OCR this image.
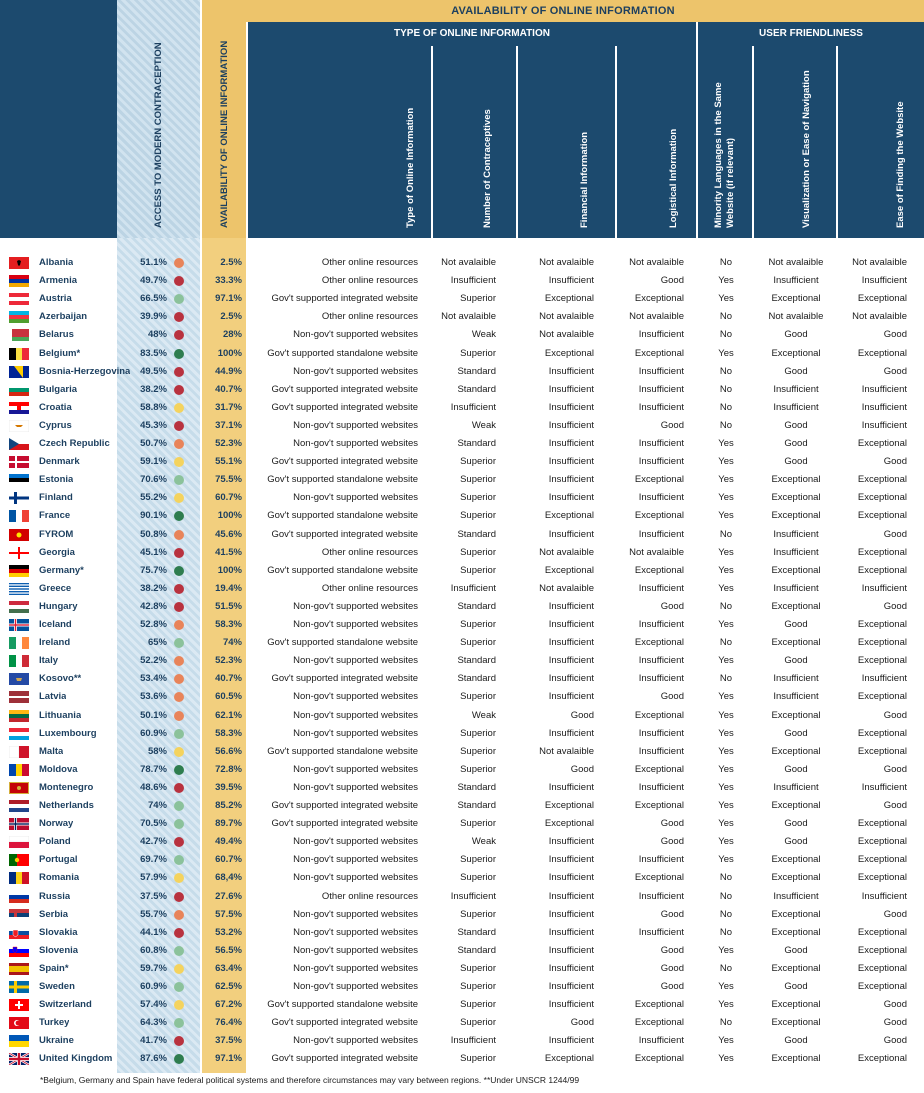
ACCESS TO MODERN CONTRACEPTION	AVAILABILITY OF ONLINE INFORMATION
AVAILABILITY OF ONLINE INFORMATION
TYPE OF ONLINE INFORMATION	USER FRIENDLINESS
Type of Online Information	Number of Contraceptives	Financial Information	Logistical Information	Minority Languages in the Same Website (if relevant)	Visualization or Ease of Navigation	Ease of Finding the Website
Albania	51.1%	2.5%	Other online resources	Not avalaible	Not avalaible	Not avalaible	No	Not avalaible	Not avalaible
Armenia	49.7%	33.3%	Other online resources	Insufficient	Insufficient	Good	Yes	Insufficient	Insufficient
Austria	66.5%	97.1%	Gov't supported integrated website	Superior	Exceptional	Exceptional	Yes	Exceptional	Exceptional
Azerbaijan	39.9%	2.5%	Other online resources	Not avalaible	Not avalaible	Not avalaible	No	Not avalaible	Not avalaible
Belarus	48%	28%	Non-gov't supported websites	Weak	Not avalaible	Insufficient	No	Good	Good
Belgium*	83.5%	100%	Gov't supported standalone website	Superior	Exceptional	Exceptional	Yes	Exceptional	Exceptional
Bosnia-Herzegovina	49.5%	44.9%	Non-gov't supported websites	Standard	Insufficient	Insufficient	No	Good	Good
Bulgaria	38.2%	40.7%	Gov't supported integrated website	Standard	Insufficient	Insufficient	No	Insufficient	Insufficient
Croatia	58.8%	31.7%	Gov't supported integrated website	Insufficient	Insufficient	Insufficient	No	Insufficient	Insufficient
Cyprus	45.3%	37.1%	Non-gov't supported websites	Weak	Insufficient	Good	No	Good	Insufficient
Czech Republic	50.7%	52.3%	Non-gov't supported websites	Standard	Insufficient	Insufficient	Yes	Good	Exceptional
Denmark	59.1%	55.1%	Gov't supported integrated website	Superior	Insufficient	Insufficient	Yes	Good	Good
Estonia	70.6%	75.5%	Gov't supported standalone website	Superior	Insufficient	Exceptional	Yes	Exceptional	Exceptional
Finland	55.2%	60.7%	Non-gov't supported websites	Superior	Insufficient	Insufficient	Yes	Exceptional	Exceptional
France	90.1%	100%	Gov't supported standalone website	Superior	Exceptional	Exceptional	Yes	Exceptional	Exceptional
FYROM	50.8%	45.6%	Gov't supported integrated website	Standard	Insufficient	Insufficient	No	Insufficient	Good
Georgia	45.1%	41.5%	Other online resources	Superior	Not avalaible	Not avalaible	Yes	Insufficient	Exceptional
Germany*	75.7%	100%	Gov't supported standalone website	Superior	Exceptional	Exceptional	Yes	Exceptional	Exceptional
Greece	38.2%	19.4%	Other online resources	Insufficient	Not avalaible	Insufficient	Yes	Insufficient	Insufficient
Hungary	42.8%	51.5%	Non-gov't supported websites	Standard	Insufficient	Good	No	Exceptional	Good
Iceland	52.8%	58.3%	Non-gov't supported websites	Superior	Insufficient	Insufficient	Yes	Good	Exceptional
Ireland	65%	74%	Gov't supported standalone website	Superior	Insufficient	Exceptional	No	Exceptional	Exceptional
Italy	52.2%	52.3%	Non-gov't supported websites	Standard	Insufficient	Insufficient	Yes	Good	Exceptional
Kosovo**	53.4%	40.7%	Gov't supported integrated website	Standard	Insufficient	Insufficient	No	Insufficient	Insufficient
Latvia	53.6%	60.5%	Non-gov't supported websites	Superior	Insufficient	Good	Yes	Insufficient	Exceptional
Lithuania	50.1%	62.1%	Non-gov't supported websites	Weak	Good	Exceptional	Yes	Exceptional	Good
Luxembourg	60.9%	58.3%	Non-gov't supported websites	Superior	Insufficient	Insufficient	Yes	Good	Exceptional
Malta	58%	56.6%	Gov't supported standalone website	Superior	Not avalaible	Insufficient	Yes	Exceptional	Exceptional
Moldova	78.7%	72.8%	Non-gov't supported websites	Superior	Good	Exceptional	Yes	Good	Good
Montenegro	48.6%	39.5%	Non-gov't supported websites	Standard	Insufficient	Insufficient	Yes	Insufficient	Insufficient
Netherlands	74%	85.2%	Gov't supported integrated website	Standard	Exceptional	Exceptional	Yes	Exceptional	Good
Norway	70.5%	89.7%	Gov't supported integrated website	Superior	Exceptional	Good	Yes	Good	Exceptional
Poland	42.7%	49.4%	Non-gov't supported websites	Weak	Insufficient	Good	Yes	Good	Exceptional
Portugal	69.7%	60.7%	Non-gov't supported websites	Superior	Insufficient	Insufficient	Yes	Exceptional	Exceptional
Romania	57.9%	68,4%	Non-gov't supported websites	Superior	Insufficient	Exceptional	No	Exceptional	Exceptional
Russia	37.5%	27.6%	Other online resources	Insufficient	Insufficient	Insufficient	No	Insufficient	Insufficient
Serbia	55.7%	57.5%	Non-gov't supported websites	Superior	Insufficient	Good	No	Exceptional	Good
Slovakia	44.1%	53.2%	Non-gov't supported websites	Standard	Insufficient	Insufficient	No	Exceptional	Exceptional
Slovenia	60.8%	56.5%	Non-gov't supported websites	Standard	Insufficient	Good	Yes	Good	Exceptional
Spain*	59.7%	63.4%	Non-gov't supported websites	Superior	Insufficient	Good	No	Exceptional	Exceptional
Sweden	60.9%	62.5%	Non-gov't supported websites	Superior	Insufficient	Good	Yes	Good	Exceptional
Switzerland	57.4%	67.2%	Gov't supported standalone website	Superior	Insufficient	Exceptional	Yes	Exceptional	Good
Turkey	64.3%	76.4%	Gov't supported integrated website	Superior	Good	Exceptional	No	Exceptional	Good
Ukraine	41.7%	37.5%	Non-gov't supported websites	Insufficient	Insufficient	Insufficient	Yes	Good	Good
United Kingdom	87.6%	97.1%	Gov't supported integrated website	Superior	Exceptional	Exceptional	Yes	Exceptional	Exceptional
*Belgium, Germany and Spain have federal political systems and therefore circumstances may vary between regions. **Under UNSCR 1244/99
